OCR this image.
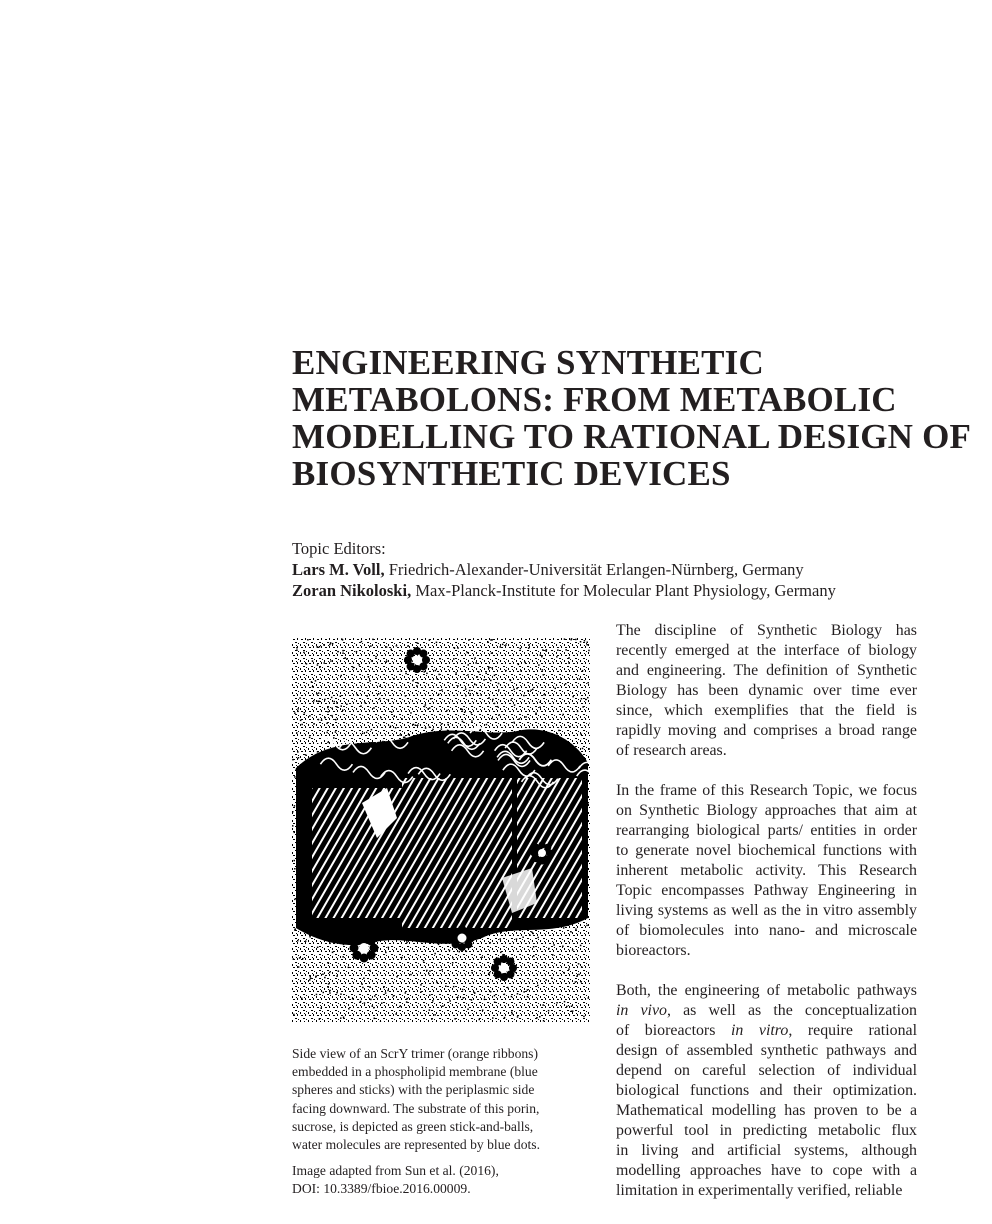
ENGINEERING SYNTHETIC
METABOLONS: FROM METABOLIC
MODELLING TO RATIONAL DESIGN OF
BIOSYNTHETIC DEVICES
Topic Editors:
Lars M. Voll, Friedrich-Alexander-Universität Erlangen-Nürnberg, Germany
Zoran Nikoloski, Max-Planck-Institute for Molecular Plant Physiology, Germany

Side view of an ScrY trimer (orange ribbons)

embedded in a phospholipid membrane (blue

spheres and sticks) with the periplasmic side

facing downward. The substrate of this porin,

sucrose, is depicted as green stick-and-balls,

water molecules are represented by blue dots.

Image adapted from Sun et al. (2016),

DOI: 10.3389/fbioe.2016.00009.

The discipline of Synthetic Biology has
recently emerged at the interface of biology
and engineering. The definition of Synthetic
Biology has been dynamic over time ever
since, which exemplifies that the field is
rapidly moving and comprises a broad range
of research areas.
In the frame of this Research Topic, we focus
on Synthetic Biology approaches that aim at
rearranging biological parts/ entities in order
to generate novel biochemical functions with
inherent metabolic activity. This Research
Topic encompasses Pathway Engineering in
living systems as well as the in vitro assembly
of biomolecules into nano- and microscale
bioreactors.
Both, the engineering of metabolic pathways
in vivo, as well as the conceptualization
of bioreactors in vitro, require rational
design of assembled synthetic pathways and
depend on careful selection of individual
biological functions and their optimization.
Mathematical modelling has proven to be a
powerful tool in predicting metabolic flux
in living and artificial systems, although
modelling approaches have to cope with a
limitation in experimentally verified, reliable
